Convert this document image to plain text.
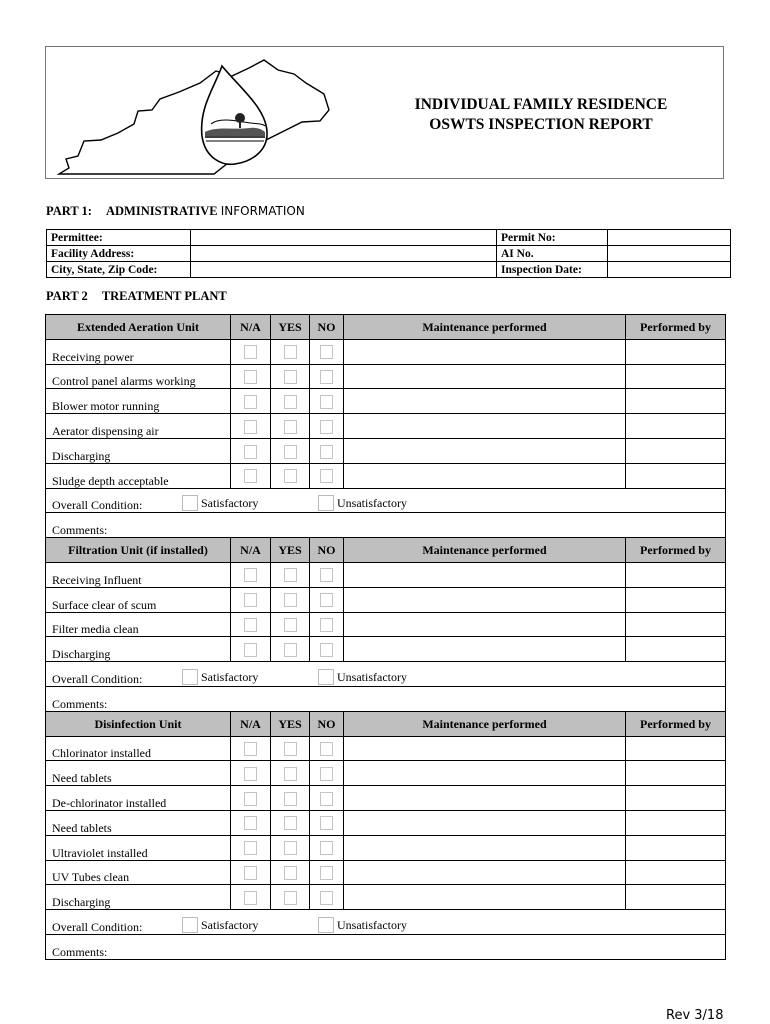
INDIVIDUAL FAMILY RESIDENCE
OSWTS INSPECTION REPORT
PART 1: ADMINISTRATIVE INFORMATION
Permittee:		Permit No:	
Facility Address:		AI No.	
City, State, Zip Code:		Inspection Date:	
PART 2 TREATMENT PLANT
Extended Aeration Unit	N/A	YES	NO	Maintenance performed	Performed by
Receiving power					
Control panel alarms working					
Blower motor running					
Aerator dispensing air					
Discharging					
Sludge depth acceptable					
Overall Condition: Satisfactory Unsatisfactory					

Comments:					
Filtration Unit (if installed)	N/A	YES	NO	Maintenance performed	Performed by
Receiving Influent					
Surface clear of scum					
Filter media clean					
Discharging					
Overall Condition: Satisfactory Unsatisfactory					

Comments:					
Disinfection Unit	N/A	YES	NO	Maintenance performed	Performed by
Chlorinator installed					
Need tablets					
De-chlorinator installed					
Need tablets					
Ultraviolet installed					
UV Tubes clean					
Discharging					
Overall Condition: Satisfactory Unsatisfactory					

Comments:					
Rev 3/18
